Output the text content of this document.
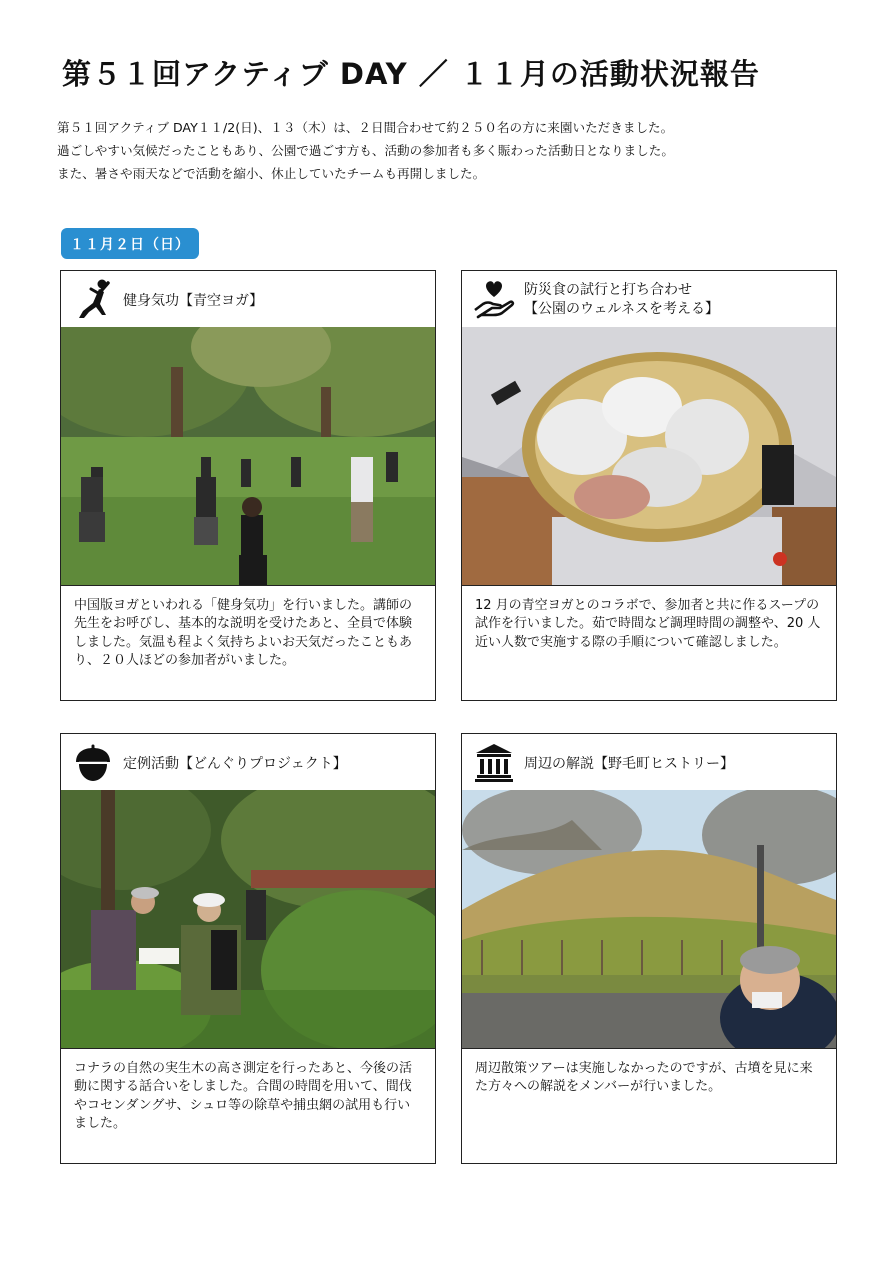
第５１回アクティブ DAY ／ １１月の活動状況報告

第５１回アクティブ DAY１１/2(日)、１３（木）は、２日間合わせて約２５０名の方に来園いただきました。

過ごしやすい気候だったこともあり、公園で過ごす方も、活動の参加者も多く賑わった活動日となりました。

また、暑さや雨天などで活動を縮小、休止していたチームも再開しました。

１１月２日（日）
健身気功【青空ヨガ】

中国版ヨガといわれる「健身気功」を行いました。講師の先生をお呼びし、基本的な説明を受けたあと、全員で体験しました。気温も程よく気持ちよいお天気だったこともあり、２０人ほどの参加者がいました。

防災食の試行と打ち合わせ
【公園のウェルネスを考える】

12 月の青空ヨガとのコラボで、参加者と共に作るスープの試作を行いました。茹で時間など調理時間の調整や、20 人近い人数で実施する際の手順について確認しました。

定例活動【どんぐりプロジェクト】

コナラの自然の実生木の高さ測定を行ったあと、今後の活動に関する話合いをしました。合間の時間を用いて、間伐やコセンダングサ、シュロ等の除草や捕虫網の試用も行いました。

周辺の解説【野毛町ヒストリー】

周辺散策ツアーは実施しなかったのですが、古墳を見に来た方々への解説をメンバーが行いました。
